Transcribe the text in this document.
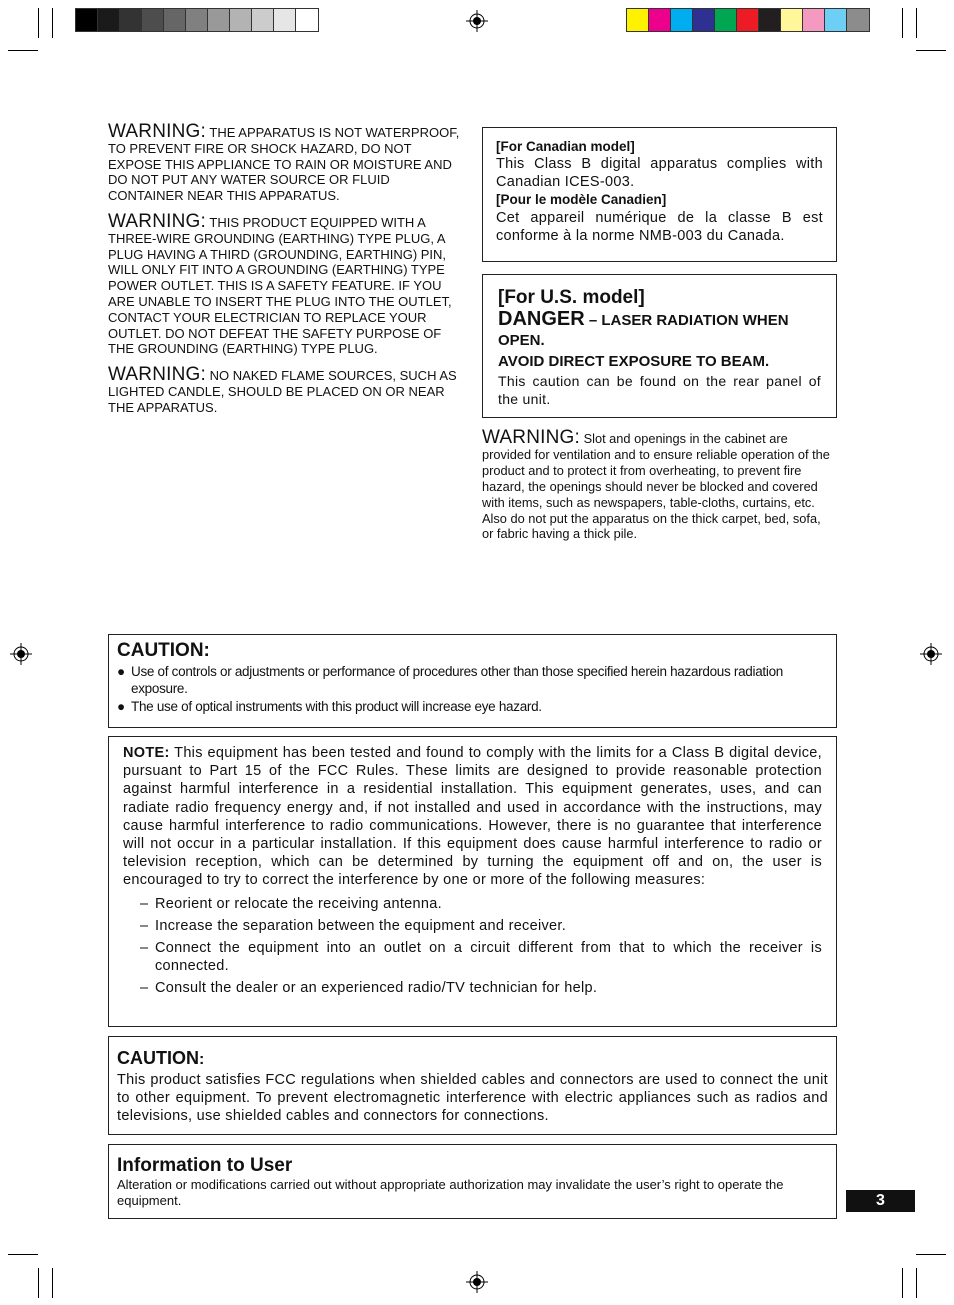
WARNING: THE APPARATUS IS NOT WATERPROOF, TO PREVENT FIRE OR SHOCK HAZARD, DO NOT EXPOSE THIS APPLIANCE TO RAIN OR MOISTURE AND DO NOT PUT ANY WATER SOURCE OR FLUID CONTAINER NEAR THIS APPARATUS.

WARNING: THIS PRODUCT EQUIPPED WITH A THREE-WIRE GROUNDING (EARTHING) TYPE PLUG, A PLUG HAVING A THIRD (GROUNDING, EARTHING) PIN, WILL ONLY FIT INTO A GROUNDING (EARTHING) TYPE POWER OUTLET. THIS IS A SAFETY FEATURE. IF YOU ARE UNABLE TO INSERT THE PLUG INTO THE OUTLET, CONTACT YOUR ELECTRICIAN TO REPLACE YOUR OUTLET. DO NOT DEFEAT THE SAFETY PURPOSE OF THE GROUNDING (EARTHING) TYPE PLUG.

WARNING: NO NAKED FLAME SOURCES, SUCH AS LIGHTED CANDLE, SHOULD BE PLACED ON OR NEAR THE APPARATUS.

[For Canadian model]
This Class B digital apparatus complies with Canadian ICES-003.
[Pour le modèle Canadien]
Cet appareil numérique de la classe B est conforme à la norme NMB-003 du Canada.
[For U.S. model]
DANGER – LASER RADIATION WHEN OPEN.
AVOID DIRECT EXPOSURE TO BEAM.
This caution can be found on the rear panel of the unit.

WARNING: Slot and openings in the cabinet are provided for ventilation and to ensure reliable operation of the product and to protect it from overheating, to prevent fire hazard, the openings should never be blocked and covered with items, such as newspapers, table-cloths, curtains, etc. Also do not put the apparatus on the thick carpet, bed, sofa, or fabric having a thick pile.

CAUTION:
● Use of controls or adjustments or performance of procedures other than those specified herein hazardous radiation exposure.
● The use of optical instruments with this product will increase eye hazard.

NOTE: This equipment has been tested and found to comply with the limits for a Class B digital device, pursuant to Part 15 of the FCC Rules. These limits are designed to provide reasonable protection against harmful interference in a residential installation. This equipment generates, uses, and can radiate radio frequency energy and, if not installed and used in accordance with the instructions, may cause harmful interference to radio communications. However, there is no guarantee that interference will not occur in a particular installation. If this equipment does cause harmful interference to radio or television reception, which can be determined by turning the equipment off and on, the user is encouraged to try to correct the interference by one or more of the following measures:

– Reorient or relocate the receiving antenna.
– Increase the separation between the equipment and receiver.
– Connect the equipment into an outlet on a circuit different from that to which the receiver is connected.
– Consult the dealer or an experienced radio/TV technician for help.
CAUTION:

This product satisfies FCC regulations when shielded cables and connectors are used to connect the unit to other equipment. To prevent electromagnetic interference with electric appliances such as radios and televisions, use shielded cables and connectors for connections.

Information to User

Alteration or modifications carried out without appropriate authorization may invalidate the user’s right to operate the equipment.	3
